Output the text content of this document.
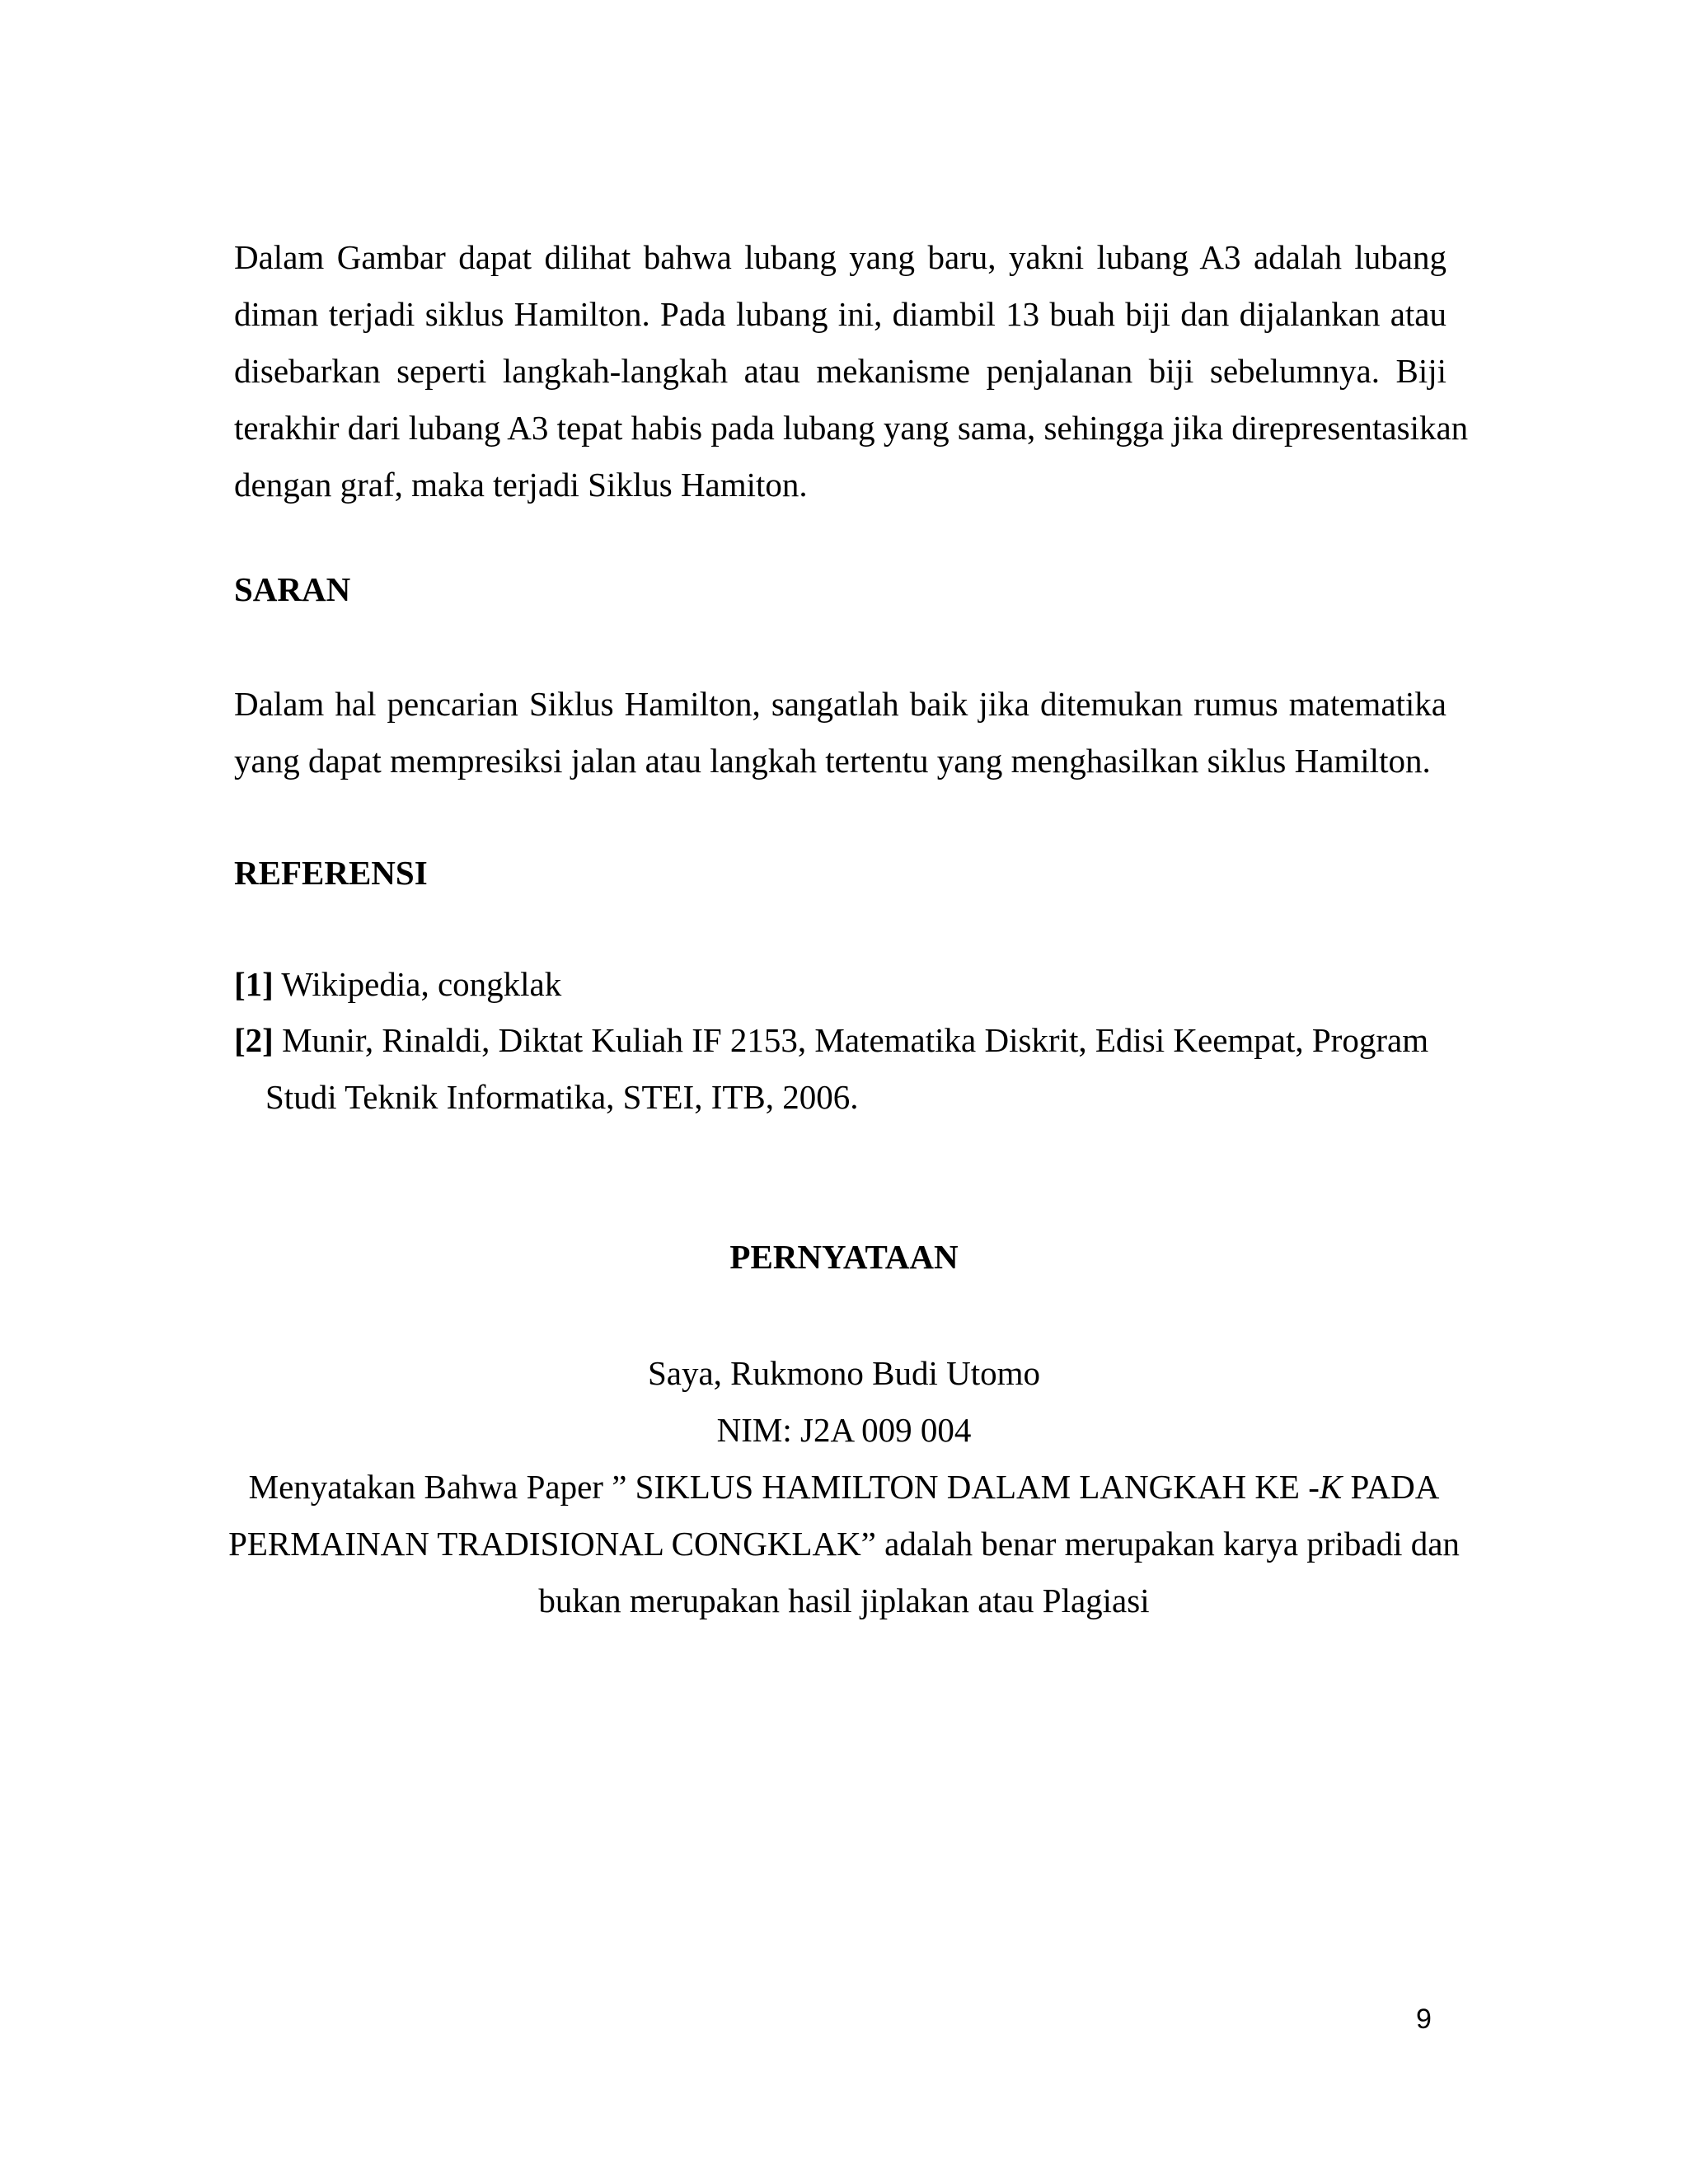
Dalam Gambar dapat dilihat bahwa lubang yang baru, yakni lubang A3 adalah lubang
diman terjadi siklus Hamilton. Pada lubang ini, diambil 13 buah biji dan dijalankan atau
disebarkan seperti langkah-langkah atau mekanisme penjalanan biji sebelumnya. Biji
terakhir dari lubang A3 tepat habis pada lubang yang sama, sehingga jika direpresentasikan
dengan graf, maka terjadi Siklus Hamiton.
SARAN
Dalam hal pencarian Siklus Hamilton, sangatlah baik jika ditemukan rumus matematika
yang dapat mempresiksi jalan atau langkah tertentu yang menghasilkan siklus Hamilton.
REFERENSI
[1] Wikipedia, congklak
[2] Munir, Rinaldi, Diktat Kuliah IF 2153, Matematika Diskrit, Edisi Keempat, Program
Studi Teknik Informatika, STEI, ITB, 2006.
PERNYATAAN
Saya, Rukmono Budi Utomo
NIM: J2A 009 004
Menyatakan Bahwa Paper ” SIKLUS HAMILTON DALAM LANGKAH KE -K PADA
PERMAINAN TRADISIONAL CONGKLAK” adalah benar merupakan karya pribadi dan
bukan merupakan hasil jiplakan atau Plagiasi
9
